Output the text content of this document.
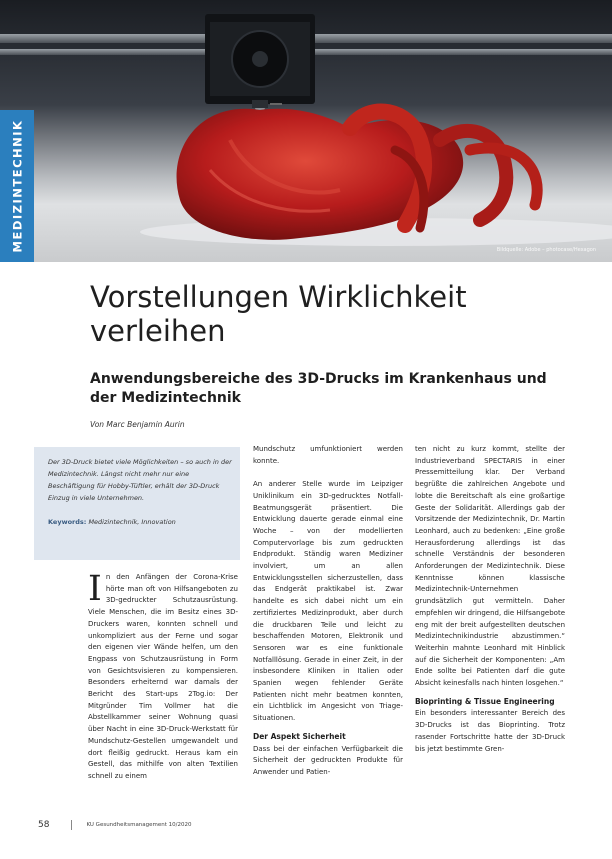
Bildquelle: Adobe – photocase/Hexagon
MEDIZINTECHNIK
Vorstellungen Wirklichkeit verleihen
Anwendungsbereiche des 3D-Drucks im Krankenhaus und der Medizintechnik
Von Marc Benjamin Aurin

Der 3D-Druck bietet viele Möglichkeiten – so auch in der Medizintechnik. Längst nicht mehr nur eine Beschäftigung für Hobby-Tüftler, erhält der 3D-Druck Einzug in viele Unternehmen.

Keywords: Medizintechnik, Innovation

In den Anfängen der Corona-Krise hörte man oft von Hilfsangeboten zu 3D-gedruckter Schutzausrüstung. Viele Menschen, die im Besitz eines 3D-Druckers waren, konnten schnell und unkompliziert aus der Ferne und sogar den eigenen vier Wände helfen, um den Engpass von Schutzausrüstung in Form von Gesichtsvisieren zu kompensieren. Besonders erheiternd war damals der Bericht des Start-ups 2Tog.io: Der Mitgründer Tim Vollmer hat die Abstellkammer seiner Wohnung quasi über Nacht in eine 3D-Druck-Werkstatt für Mundschutz-Gestellen umgewandelt und dort fleißig gedruckt. Heraus kam ein Gestell, das mithilfe von alten Textilien schnell zu einem

Mundschutz umfunktioniert werden konnte.

An anderer Stelle wurde im Leipziger Uniklinikum ein 3D-gedrucktes Notfall-Beatmungsgerät präsentiert. Die Entwicklung dauerte gerade einmal eine Woche – von der modellierten Computervorlage bis zum gedruckten Endprodukt. Ständig waren Mediziner involviert, um an allen Entwicklungsstellen sicherzustellen, dass das Endgerät praktikabel ist. Zwar handelte es sich dabei nicht um ein zertifiziertes Medizinprodukt, aber durch die druckbaren Teile und leicht zu beschaffenden Motoren, Elektronik und Sensoren war es eine funktionale Notfalllösung. Gerade in einer Zeit, in der insbesondere Kliniken in Italien oder Spanien wegen fehlender Geräte Patienten nicht mehr beatmen konnten, ein Lichtblick im Angesicht von Triage-Situationen.

Der Aspekt Sicherheit

Dass bei der einfachen Verfügbarkeit die Sicherheit der gedruckten Produkte für Anwender und Patien-

ten nicht zu kurz kommt, stellte der Industrieverband SPECTARIS in einer Pressemitteilung klar. Der Verband begrüßte die zahlreichen Angebote und lobte die Bereitschaft als eine großartige Geste der Solidarität. Allerdings gab der Vorsitzende der Medizintechnik, Dr. Martin Leonhard, auch zu bedenken: „Eine große Herausforderung allerdings ist das schnelle Verständnis der besonderen Anforderungen der Medizintechnik. Diese Kenntnisse können klassische Medizintechnik-Unternehmen grundsätzlich gut vermitteln. Daher empfehlen wir dringend, die Hilfsangebote eng mit der breit aufgestellten deutschen Medizintechnikindustrie abzustimmen.“ Weiterhin mahnte Leonhard mit Hinblick auf die Sicherheit der Komponenten: „Am Ende sollte bei Patienten darf die gute Absicht keinesfalls nach hinten losgehen.“

Bioprinting & Tissue Engineering

Ein besonders interessanter Bereich des 3D-Drucks ist das Bioprinting. Trotz rasender Fortschritte hatte der 3D-Druck bis jetzt bestimmte Gren-

58	KU Gesundheitsmanagement 10/2020
